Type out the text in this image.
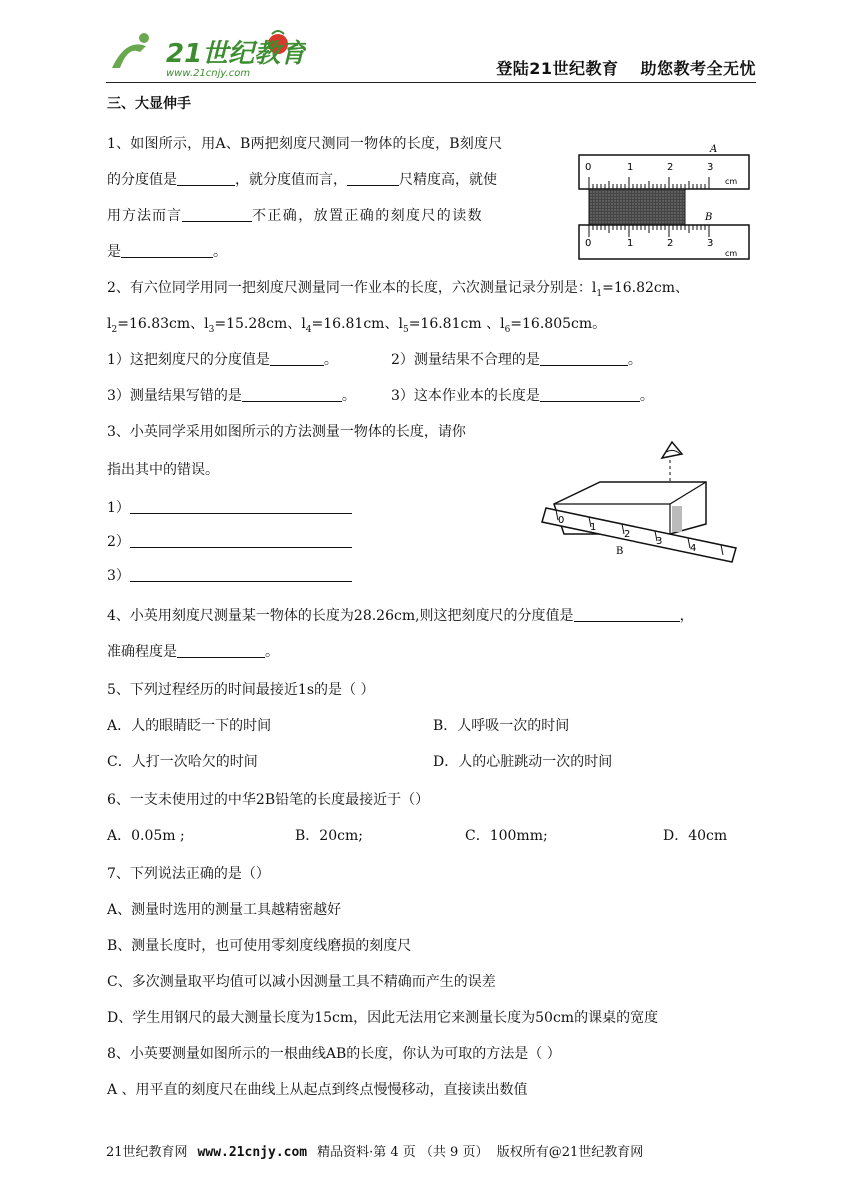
21世纪教育
www.21cnjy.com	登陆21世纪教育 助您教考全无忧
三、大显伸手
1、如图所示，用A、B两把刻度尺测同一物体的长度，B刻度尺
的分度值是	，就分度值而言，	尺精度高，就使
用方法而言	不正确，放置正确的刻度尺的读数
是	。
2、有六位同学用同一把刻度尺测量同一作业本的长度，六次测量记录分别是：$l_1=16.82cm$、
$l_2=16.83cm$、$l_3=15.28cm$、$l_4=16.81cm$、$l_5=16.81cm$ 、$l_6=16.805cm$。
1）这把刻度尺的分度值是	。	2）测量结果不合理的是	。
3）测量结果写错的是	。	3）这本作业本的长度是	。
3、小英同学采用如图所示的方法测量一物体的长度，请你
指出其中的错误。
1）
2）
3）
4、小英用刻度尺测量某一物体的长度为28.26cm,则这把刻度尺的分度值是	，
准确程度是	。
5、下列过程经历的时间最接近1s的是（ ）
A．人的眼睛眨一下的时间	B．人呼吸一次的时间
C．人打一次哈欠的时间	D．人的心脏跳动一次的时间
6、一支未使用过的中华2B铅笔的长度最接近于（）
A．0.05m ;	B．20cm;	C．100mm;	D．40cm
7、下列说法正确的是（）
A、测量时选用的测量工具越精密越好
B、测量长度时，也可使用零刻度线磨损的刻度尺
C、多次测量取平均值可以减小因测量工具不精确而产生的误差
D、学生用钢尺的最大测量长度为15cm，因此无法用它来测量长度为50cm的课桌的宽度
8、小英要测量如图所示的一根曲线AB的长度，你认为可取的方法是（ ）
A 、用平直的刻度尺在曲线上从起点到终点慢慢移动，直接读出数值
A
0	1	2	3
cm
B
0	1	2	3
cm
0
1
2
3
4
B
21世纪教育网 www.21cnjy.com 精品资料·第 4 页 （共 9 页） 版权所有@21世纪教育网
